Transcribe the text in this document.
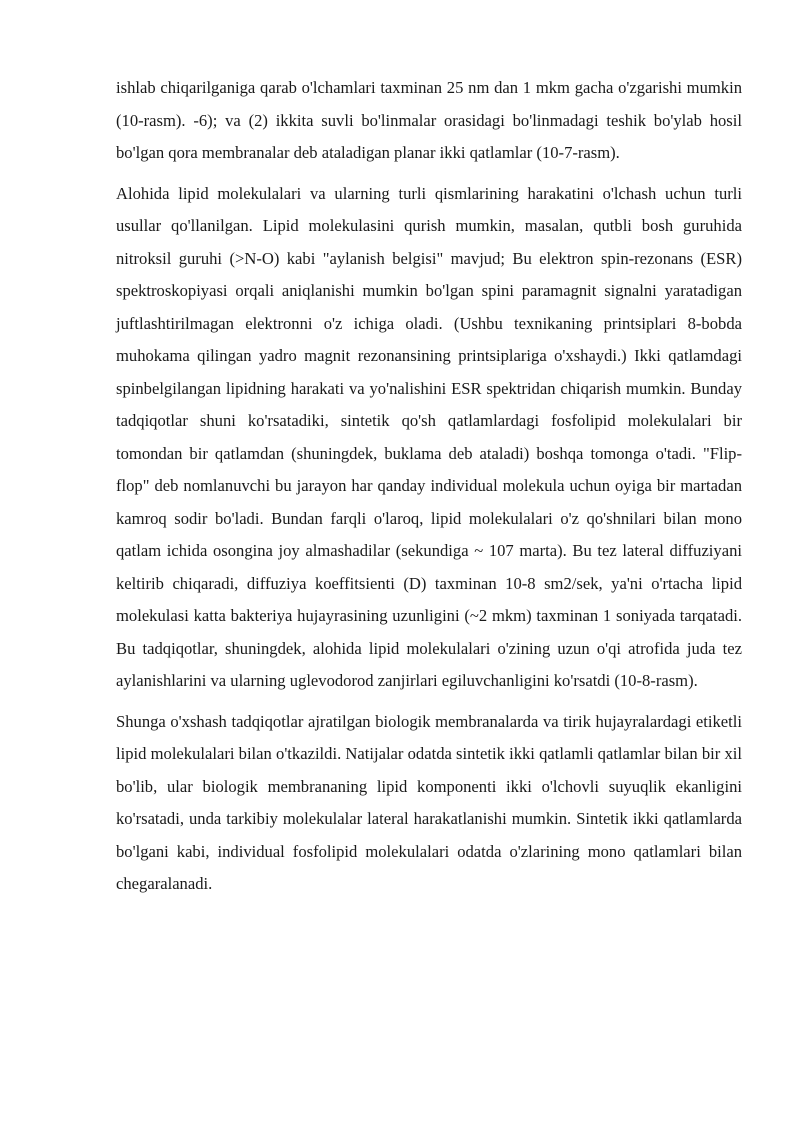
ishlab chiqarilganiga qarab o'lchamlari taxminan 25 nm dan 1 mkm gacha o'zgarishi mumkin (10-rasm). -6); va (2) ikkita suvli bo'linmalar orasidagi bo'linmadagi teshik bo'ylab hosil bo'lgan qora membranalar deb ataladigan planar ikki qatlamlar (10-7-rasm).

Alohida lipid molekulalari va ularning turli qismlarining harakatini o'lchash uchun turli usullar qo'llanilgan. Lipid molekulasini qurish mumkin, masalan, qutbli bosh guruhida nitroksil guruhi (>N-O) kabi "aylanish belgisi" mavjud; Bu elektron spin-rezonans (ESR) spektroskopiyasi orqali aniqlanishi mumkin bo'lgan spini paramagnit signalni yaratadigan juftlashtirilmagan elektronni o'z ichiga oladi. (Ushbu texnikaning printsiplari 8-bobda muhokama qilingan yadro magnit rezonansining printsiplariga o'xshaydi.) Ikki qatlamdagi spinbelgilangan lipidning harakati va yo'nalishini ESR spektridan chiqarish mumkin. Bunday tadqiqotlar shuni ko'rsatadiki, sintetik qo'sh qatlamlardagi fosfolipid molekulalari bir tomondan bir qatlamdan (shuningdek, buklama deb ataladi) boshqa tomonga o'tadi. "Flip-flop" deb nomlanuvchi bu jarayon har qanday individual molekula uchun oyiga bir martadan kamroq sodir bo'ladi. Bundan farqli o'laroq, lipid molekulalari o'z qo'shnilari bilan mono qatlam ichida osongina joy almashadilar (sekundiga ~ 107 marta). Bu tez lateral diffuziyani keltirib chiqaradi, diffuziya koeffitsienti (D) taxminan 10-8 sm2/sek, ya'ni o'rtacha lipid molekulasi katta bakteriya hujayrasining uzunligini (~2 mkm) taxminan 1 soniyada tarqatadi. Bu tadqiqotlar, shuningdek, alohida lipid molekulalari o'zining uzun o'qi atrofida juda tez aylanishlarini va ularning uglevodorod zanjirlari egiluvchanligini ko'rsatdi (10-8-rasm).

Shunga o'xshash tadqiqotlar ajratilgan biologik membranalarda va tirik hujayralardagi etiketli lipid molekulalari bilan o'tkazildi. Natijalar odatda sintetik ikki qatlamli qatlamlar bilan bir xil bo'lib, ular biologik membrananing lipid komponenti ikki o'lchovli suyuqlik ekanligini ko'rsatadi, unda tarkibiy molekulalar lateral harakatlanishi mumkin. Sintetik ikki qatlamlarda bo'lgani kabi, individual fosfolipid molekulalari odatda o'zlarining mono qatlamlari bilan chegaralanadi.
